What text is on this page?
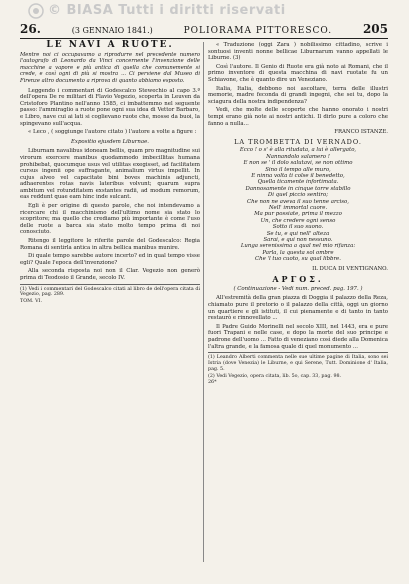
© BIASA Tutti i diritti riservati
26.	(3 GENNAIO 1841.)	POLIORAMA PITTORESCO.	205
LE NAVI A RUOTE.
Mentre noi ci occupavamo a riprodurre nel precedente numero l'autografo di Leonardo da Vinci concernente l'invenzione delle macchine a vapore e più antica di quella che comunemente si crede, e così ogni di più si mostra ... Ci perviene dal Museo di Firenze altro documento a riprova di quanto abbiamo esposto.

Leggendo i commentari di Godescalco Stewechio al capo 3.º dell'opera De re militari di Flavio Vegezio, scoperta in Leuven da Cristoforo Plantino nell'anno 1585, ci imbattemmo nel seguente passo: l'ammiraglio a ruote pone ogni sua idea di Vettor Barbaro, e Libro, nave cui ai lati si coglievano ruote che, mosse da buoi, la spingevano sull'acqua.

« Leco , ( soggiunge l'autore citato ) l'autore a volte a figure :

Expositio ejusdem Liburnae.

Liburnam navalibus idoneam bellis, quam pro magnitudine sui virorum exercere manibus quodammodo imbecillitas humana prohibebat, quocumque usus vel utilitas exegisset, ad facilitatem cursus ingenii ope suffragante, animalium virtus impellit. In cujus alveo vel capacitate bini boves machinis adjuncti, adhaerentes rotas navis lateribus volvunt; quarum supra ambitum vel rotunditatem exstantes radii, ad modum remorum, eas reddunt quae eam hinc inde sulcant.

Egli è per origine di questo parole, che noi intendevamo a ricercare chi il macchinismo dell'ultimo nome sia stato lo scopritore; ma quello che crediamo più importante è come l'uso delle ruote a barca sia stato molto tempo prima di noi conosciuto.

Ritengo il leggitore le riferite parole del Godescalco: Regia Romana di sentirla antica in altra bellica manibus munire.

Di quale tempo sarebbe autore incerto? ed in qual tempo visse egli? Quale l'epoca dell'invenzione?

Alla seconda risposta noi non il Clar. Vegezio non generò prima di Teodosio il Grande, secolo IV.

(1) Vedi i commentari del Godescalco citati al libro de dell'opera citata di Vegezio, pag. 289.
TOM. VI.

« Traduzione (oggi Zara ) nobilissimo cittadino, scrive i sontuosi inventi nonne bellicae Liburnarum vanno appellati le Liburne. (3)

Così l'autore. Il Genio di Ruote era già noto ai Romani, che il primo inventore di questa macchina di navi ruotate fu un Schiavone, che è quanto dire un Veneziano.

Italia, Italia, debbono noi ascoltare, terra delle illustri memorie, madre feconda di grandi ingegni, che sei tu, dopo la sciagura della nostra indipendenza?

Vedi, che molte delle scoperte che hanno onorato i nostri tempi erano già note ai nostri antichi. Il dirlo pure a coloro che fanno a nulla...

FRANCO ISTANZE.
LA TROMBETTA DI VERNADO.
Ecco ! o s' è alla ritudata, a lui è allergato,
Nannandolo salamero !
E non se ' il dolo salutavi, se non ottimo
Sino il tempo alle muro,
E ninna volta ti colse il benedetto,
Quella ticamente infortimata.
Dannosamente in cinque torre stabillo
Di quel piccio sentiro;
Che non ne aveva il suo tenne arciso,
Nell' immortal cuore.
Ma pur possiate, prima il mezzo
Un, che credere ogni senso
Sotto il suo suono.
Se tu, e qui nell' alteza
Sarai, e qui non nessuno.
Lunga serenissima a qual nel mio rifanza:
Parla, la questa sol ombre
Che 'l tuo cuoto, su qual libbre.
IL DUCA DI VENTIGNANO.
ΑΡΓΟΣ.
( Continuazione - Vedi num. preced. pag. 197. )

All'estremità della gran piazza di Doggia il palazzo della Reza, chiamato pure il pretorio o il palazzo della città, oggi un giorno un quartiere e gli istituti, il cui pienamente e di tanto in tanto restaurò e rinnovellato ...

Il Padre Guido Morinelli nel secolo XIII, nel 1443, era e pure fuori Trapani e nelle case, e dopo la morte del suo principe e padrone dell'uomo ... Fatto di veneziano così diede alla Domenica l'altra grande, e la famosa quale di quel monumento ...

(1) Leandro Alberti commenta nelle sue ultime pagine di Italia, sono sei Istria (dove Venezia) le Liburne, e qui Serene, Tutt. Dominione d' Italia, pag. 5.
(2) Vedi Vegezio, opera citata, lib. 5o, cap. 33, pag. 98.
26*
